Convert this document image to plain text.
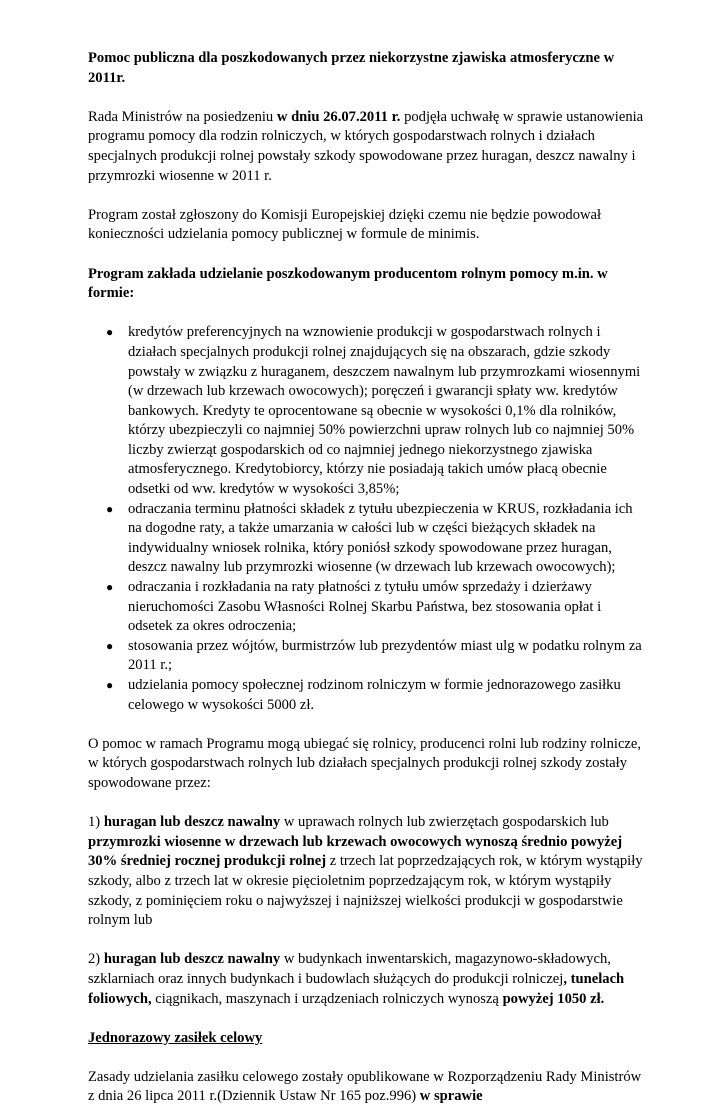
Pomoc publiczna dla poszkodowanych przez niekorzystne zjawiska atmosferyczne w 2011r.

Rada Ministrów na posiedzeniu w dniu 26.07.2011 r. podjęła uchwałę w sprawie ustanowienia programu pomocy dla rodzin rolniczych, w których gospodarstwach rolnych i działach specjalnych produkcji rolnej powstały szkody spowodowane przez huragan, deszcz nawalny i przymrozki wiosenne w 2011 r.

Program został zgłoszony do Komisji Europejskiej dzięki czemu nie będzie powodował konieczności udzielania pomocy publicznej w formule de minimis.

Program zakłada udzielanie poszkodowanym producentom rolnym pomocy m.in. w formie:

● kredytów preferencyjnych na wznowienie produkcji w gospodarstwach rolnych i działach specjalnych produkcji rolnej znajdujących się na obszarach, gdzie szkody powstały w związku z huraganem, deszczem nawalnym lub przymrozkami wiosennymi (w drzewach lub krzewach owocowych); poręczeń i gwarancji spłaty ww. kredytów bankowych. Kredyty te oprocentowane są obecnie w wysokości 0,1% dla rolników, którzy ubezpieczyli co najmniej 50% powierzchni upraw rolnych lub co najmniej 50% liczby zwierząt gospodarskich od co najmniej jednego niekorzystnego zjawiska atmosferycznego. Kredytobiorcy, którzy nie posiadają takich umów płacą obecnie odsetki od ww. kredytów w wysokości 3,85%;
● odraczania terminu płatności składek z tytułu ubezpieczenia w KRUS, rozkładania ich na dogodne raty, a także umarzania w całości lub w części bieżących składek na indywidualny wniosek rolnika, który poniósł szkody spowodowane przez huragan, deszcz nawalny lub przymrozki wiosenne (w drzewach lub krzewach owocowych);
● odraczania i rozkładania na raty płatności z tytułu umów sprzedaży i dzierżawy nieruchomości Zasobu Własności Rolnej Skarbu Państwa, bez stosowania opłat i odsetek za okres odroczenia;
● stosowania przez wójtów, burmistrzów lub prezydentów miast ulg w podatku rolnym za 2011 r.;
● udzielania pomocy społecznej rodzinom rolniczym w formie jednorazowego zasiłku celowego w wysokości 5000 zł.

O pomoc w ramach Programu mogą ubiegać się rolnicy, producenci rolni lub rodziny rolnicze, w których gospodarstwach rolnych lub działach specjalnych produkcji rolnej szkody zostały spowodowane przez:

1) huragan lub deszcz nawalny w uprawach rolnych lub zwierzętach gospodarskich lub przymrozki wiosenne w drzewach lub krzewach owocowych wynoszą średnio powyżej 30% średniej rocznej produkcji rolnej z trzech lat poprzedzających rok, w którym wystąpiły szkody, albo z trzech lat w okresie pięcioletnim poprzedzającym rok, w którym wystąpiły szkody, z pominięciem roku o najwyższej i najniższej wielkości produkcji w gospodarstwie rolnym lub

2) huragan lub deszcz nawalny w budynkach inwentarskich, magazynowo-składowych, szklarniach oraz innych budynkach i budowlach służących do produkcji rolniczej, tunelach foliowych, ciągnikach, maszynach i urządzeniach rolniczych wynoszą powyżej 1050 zł.

Jednorazowy zasiłek celowy

Zasady udzielania zasiłku celowego zostały opublikowane w Rozporządzeniu Rady Ministrów z dnia 26 lipca 2011 r.(Dziennik Ustaw Nr 165 poz.996) w sprawie
